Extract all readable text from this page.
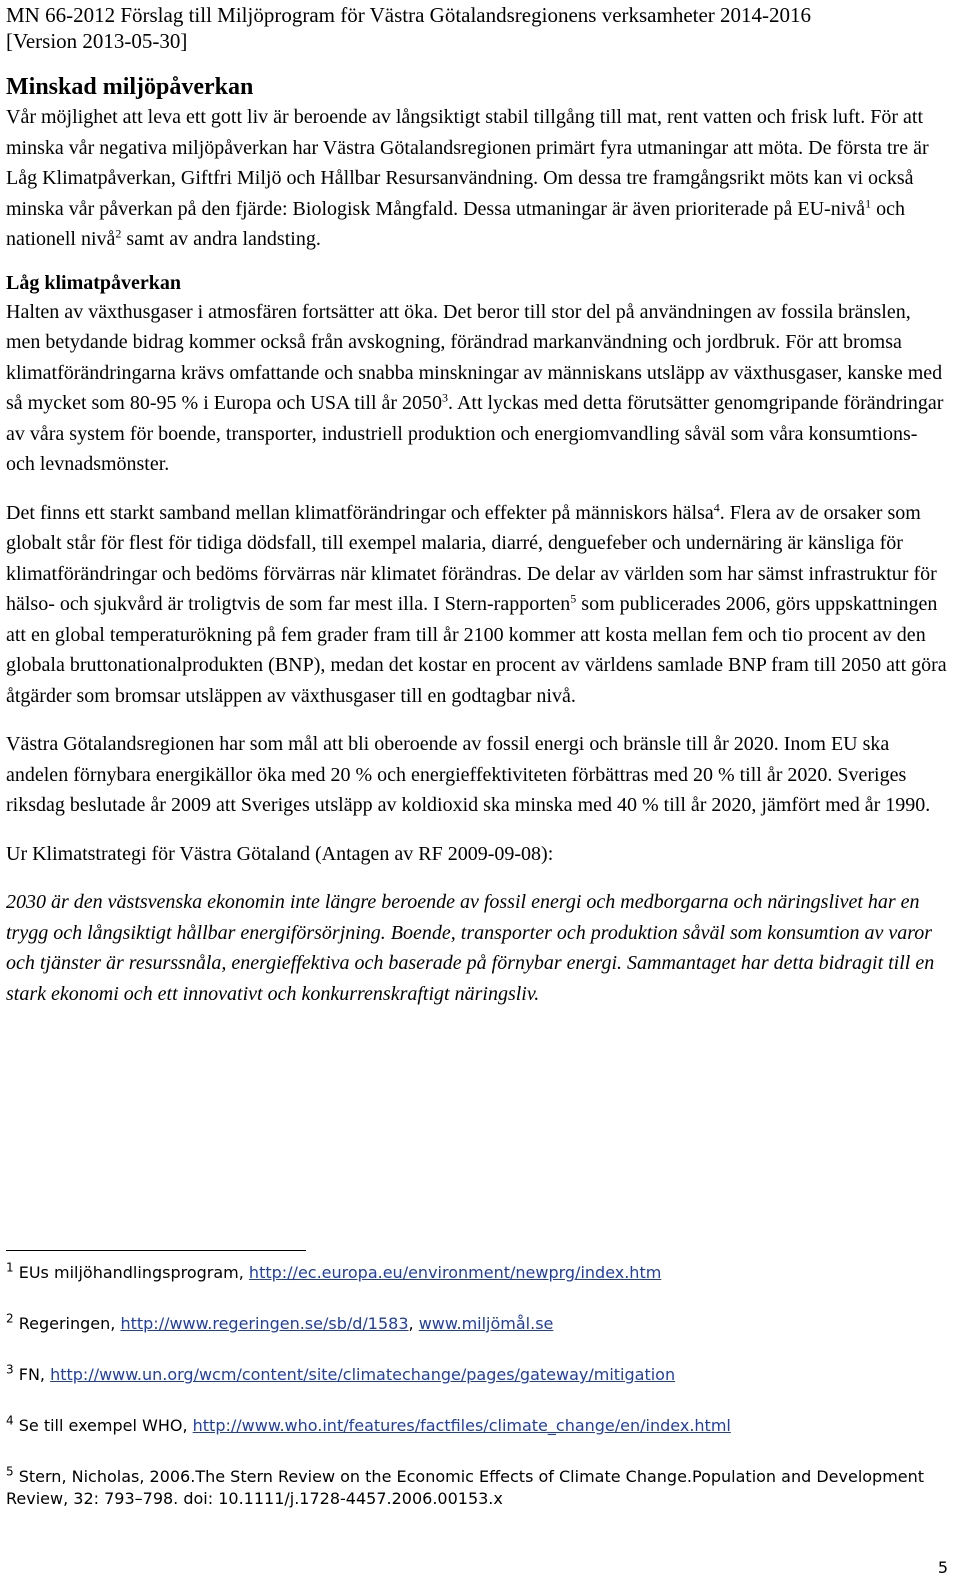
MN 66-2012 Förslag till Miljöprogram för Västra Götalandsregionens verksamheter 2014-2016
[Version 2013-05-30]
Minskad miljöpåverkan

Vår möjlighet att leva ett gott liv är beroende av långsiktigt stabil tillgång till mat, rent vatten och frisk luft. För att minska vår negativa miljöpåverkan har Västra Götalandsregionen primärt fyra utmaningar att möta. De första tre är Låg Klimatpåverkan, Giftfri Miljö och Hållbar Resursanvändning. Om dessa tre framgångsrikt möts kan vi också minska vår påverkan på den fjärde: Biologisk Mångfald. Dessa utmaningar är även prioriterade på EU-nivå$^1$ och nationell nivå$^2$ samt av andra landsting.

Låg klimatpåverkan

Halten av växthusgaser i atmosfären fortsätter att öka. Det beror till stor del på användningen av fossila bränslen, men betydande bidrag kommer också från avskogning, förändrad markanvändning och jordbruk. För att bromsa klimatförändringarna krävs omfattande och snabba minskningar av människans utsläpp av växthusgaser, kanske med så mycket som 80-95 % i Europa och USA till år 2050$^3$. Att lyckas med detta förutsätter genomgripande förändringar av våra system för boende, transporter, industriell produktion och energiomvandling såväl som våra konsumtions- och levnadsmönster.

Det finns ett starkt samband mellan klimatförändringar och effekter på människors hälsa$^4$. Flera av de orsaker som globalt står för flest för tidiga dödsfall, till exempel malaria, diarré, denguefeber och undernäring är känsliga för klimatförändringar och bedöms förvärras när klimatet förändras. De delar av världen som har sämst infrastruktur för hälso- och sjukvård är troligtvis de som far mest illa. I Stern-rapporten$^5$ som publicerades 2006, görs uppskattningen att en global temperaturökning på fem grader fram till år 2100 kommer att kosta mellan fem och tio procent av den globala bruttonationalprodukten (BNP), medan det kostar en procent av världens samlade BNP fram till 2050 att göra åtgärder som bromsar utsläppen av växthusgaser till en godtagbar nivå.

Västra Götalandsregionen har som mål att bli oberoende av fossil energi och bränsle till år 2020. Inom EU ska andelen förnybara energikällor öka med 20 % och energieffektiviteten förbättras med 20 % till år 2020. Sveriges riksdag beslutade år 2009 att Sveriges utsläpp av koldioxid ska minska med 40 % till år 2020, jämfört med år 1990.

Ur Klimatstrategi för Västra Götaland (Antagen av RF 2009-09-08):

2030 är den västsvenska ekonomin inte längre beroende av fossil energi och medborgarna och näringslivet har en trygg och långsiktigt hållbar energiförsörjning. Boende, transporter och produktion såväl som konsumtion av varor och tjänster är resurssnåla, energieffektiva och baserade på förnybar energi. Sammantaget har detta bidragit till en stark ekonomi och ett innovativt och konkurrenskraftigt näringsliv.

$^1$ EUs miljöhandlingsprogram, http://ec.europa.eu/environment/newprg/index.htm
$^2$ Regeringen, http://www.regeringen.se/sb/d/1583, www.miljömål.se
$^3$ FN, http://www.un.org/wcm/content/site/climatechange/pages/gateway/mitigation
$^4$ Se till exempel WHO, http://www.who.int/features/factfiles/climate_change/en/index.html
$^5$ Stern, Nicholas, 2006.The Stern Review on the Economic Effects of Climate Change.Population and Development Review, 32: 793–798. doi: 10.1111/j.1728-4457.2006.00153.x
5
